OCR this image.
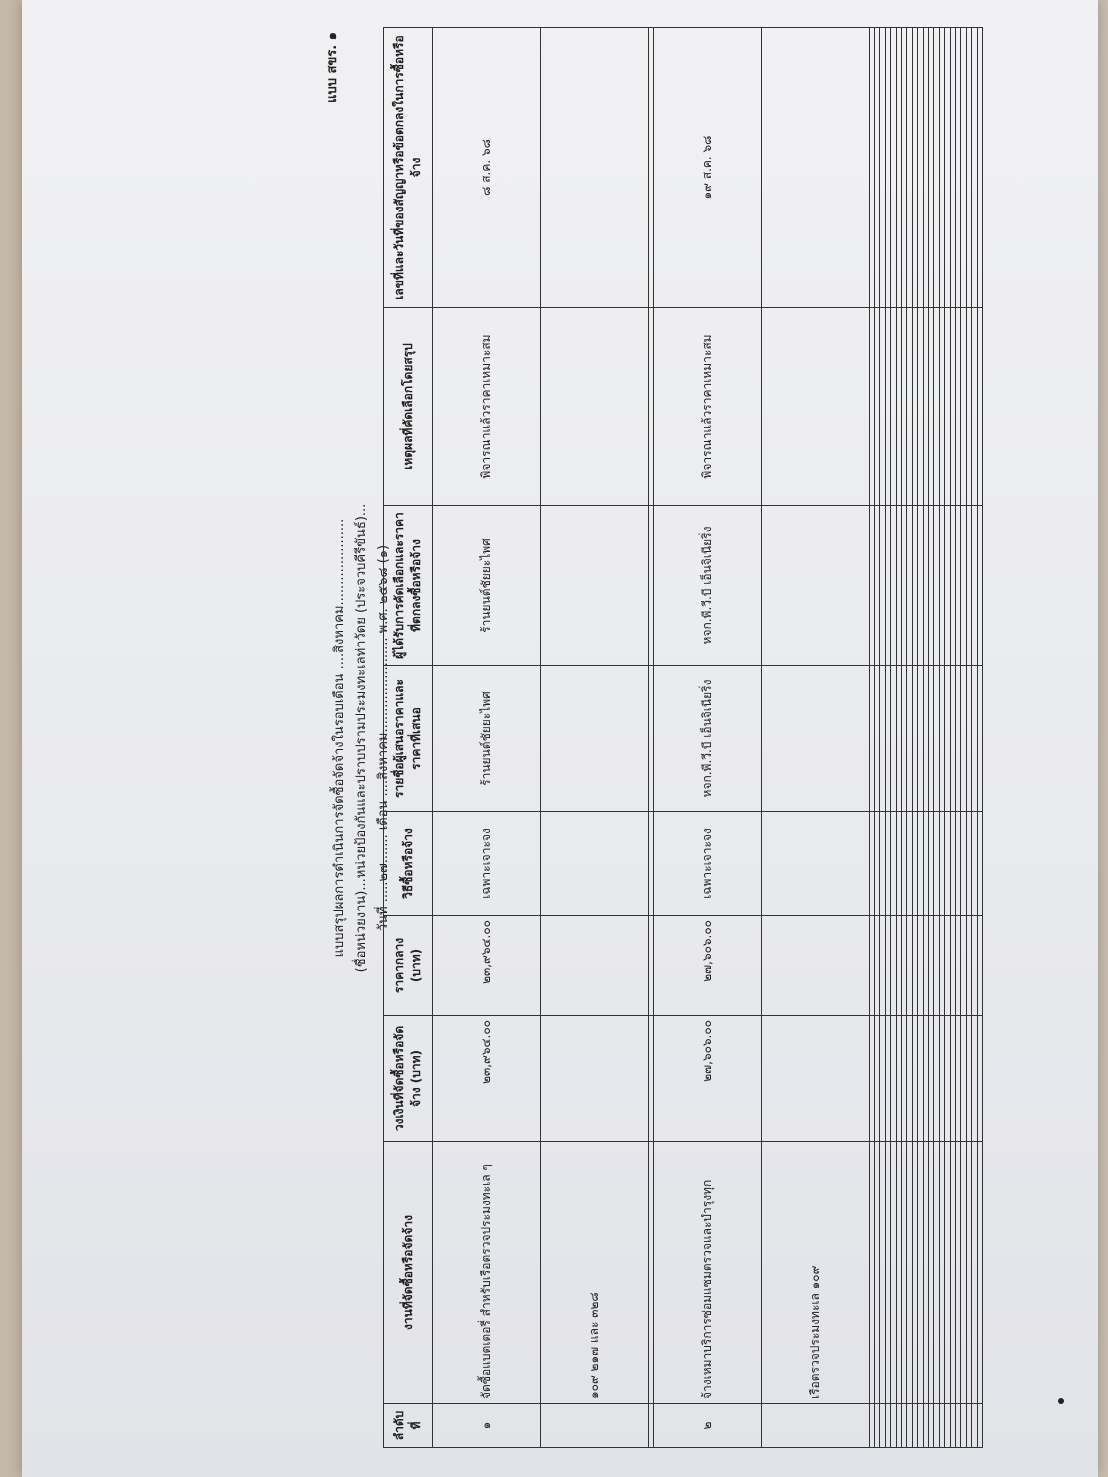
แบบ สขร. ๑
แบบสรุปผลการดำเนินการจัดซื้อจัดจ้างในรอบเดือน ....สิงหาคม..................... (ชื่อหน่วยงาน)...หน่วยป้องกันและปราบปรามประมงทะเลท่าวัดย (ประจวบคีรีขันธ์)... วันที่ .....๒๗....... เดือน ....สิงหาคม....................... พ.ศ. ๒๕๖๘ (๑)
ลำดับที่	งานที่จัดซื้อหรือจัดจ้าง	วงเงินที่จัดซื้อหรือจัดจ้าง (บาท)	ราคากลาง (บาท)	วิธีซื้อหรือจ้าง	รายชื่อผู้เสนอราคาและราคาที่เสนอ	ผู้ได้รับการคัดเลือกและราคาที่ตกลงซื้อหรือจ้าง	เหตุผลที่คัดเลือกโดยสรุป	เลขที่และวันที่ของสัญญาหรือข้อตกลงในการซื้อหรือจ้าง
๑	จัดซื้อแบตเตอรี่ สำหรับเรือตรวจประมงทะเล ๆ	๒๓,๙๖๔.๐๐	๒๓,๙๖๔.๐๐	เฉพาะเจาะจง	ร้านยนต์ชัยยะไพศ	ร้านยนต์ชัยยะไพศ	พิจารณาแล้วราคาเหมาะสม	๘ ส.ค. ๖๘
	๑๐๙ ๒๑๗ และ ๓๒๘							

๒	จ้างเหมาบริการซ่อมแซมตรวจและบำรุงทุก	๒๗,๖๐๖.๐๐	๒๗,๖๐๖.๐๐	เฉพาะเจาะจง	หจก.พี.วี.บี เอ็นจิเนียริ่ง	หจก.พี.วี.บี เอ็นจิเนียริ่ง	พิจารณาแล้วราคาเหมาะสม	๑๙ ส.ค. ๖๘
	เรือตรวจประมงทะเล ๑๐๙							
